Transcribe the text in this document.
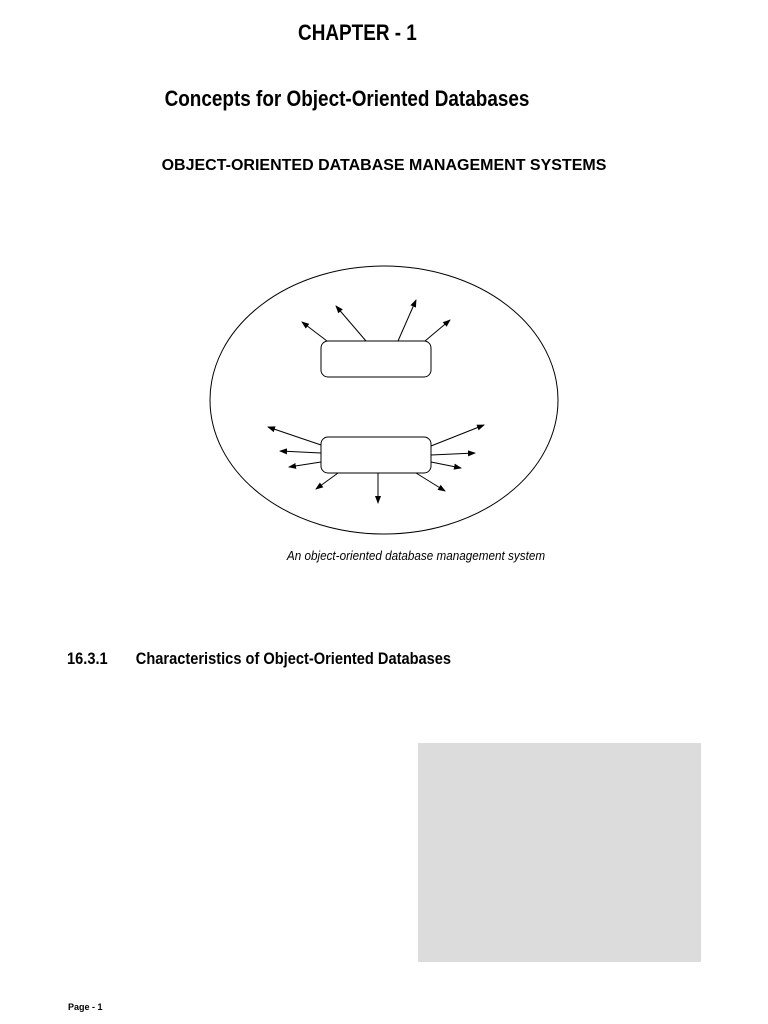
CHAPTER - 1
Concepts for Object-Oriented Databases
OBJECT-ORIENTED DATABASE MANAGEMENT SYSTEMS
An object-oriented database management system
16.3.1 Characteristics of Object-Oriented Databases
Page - 1
